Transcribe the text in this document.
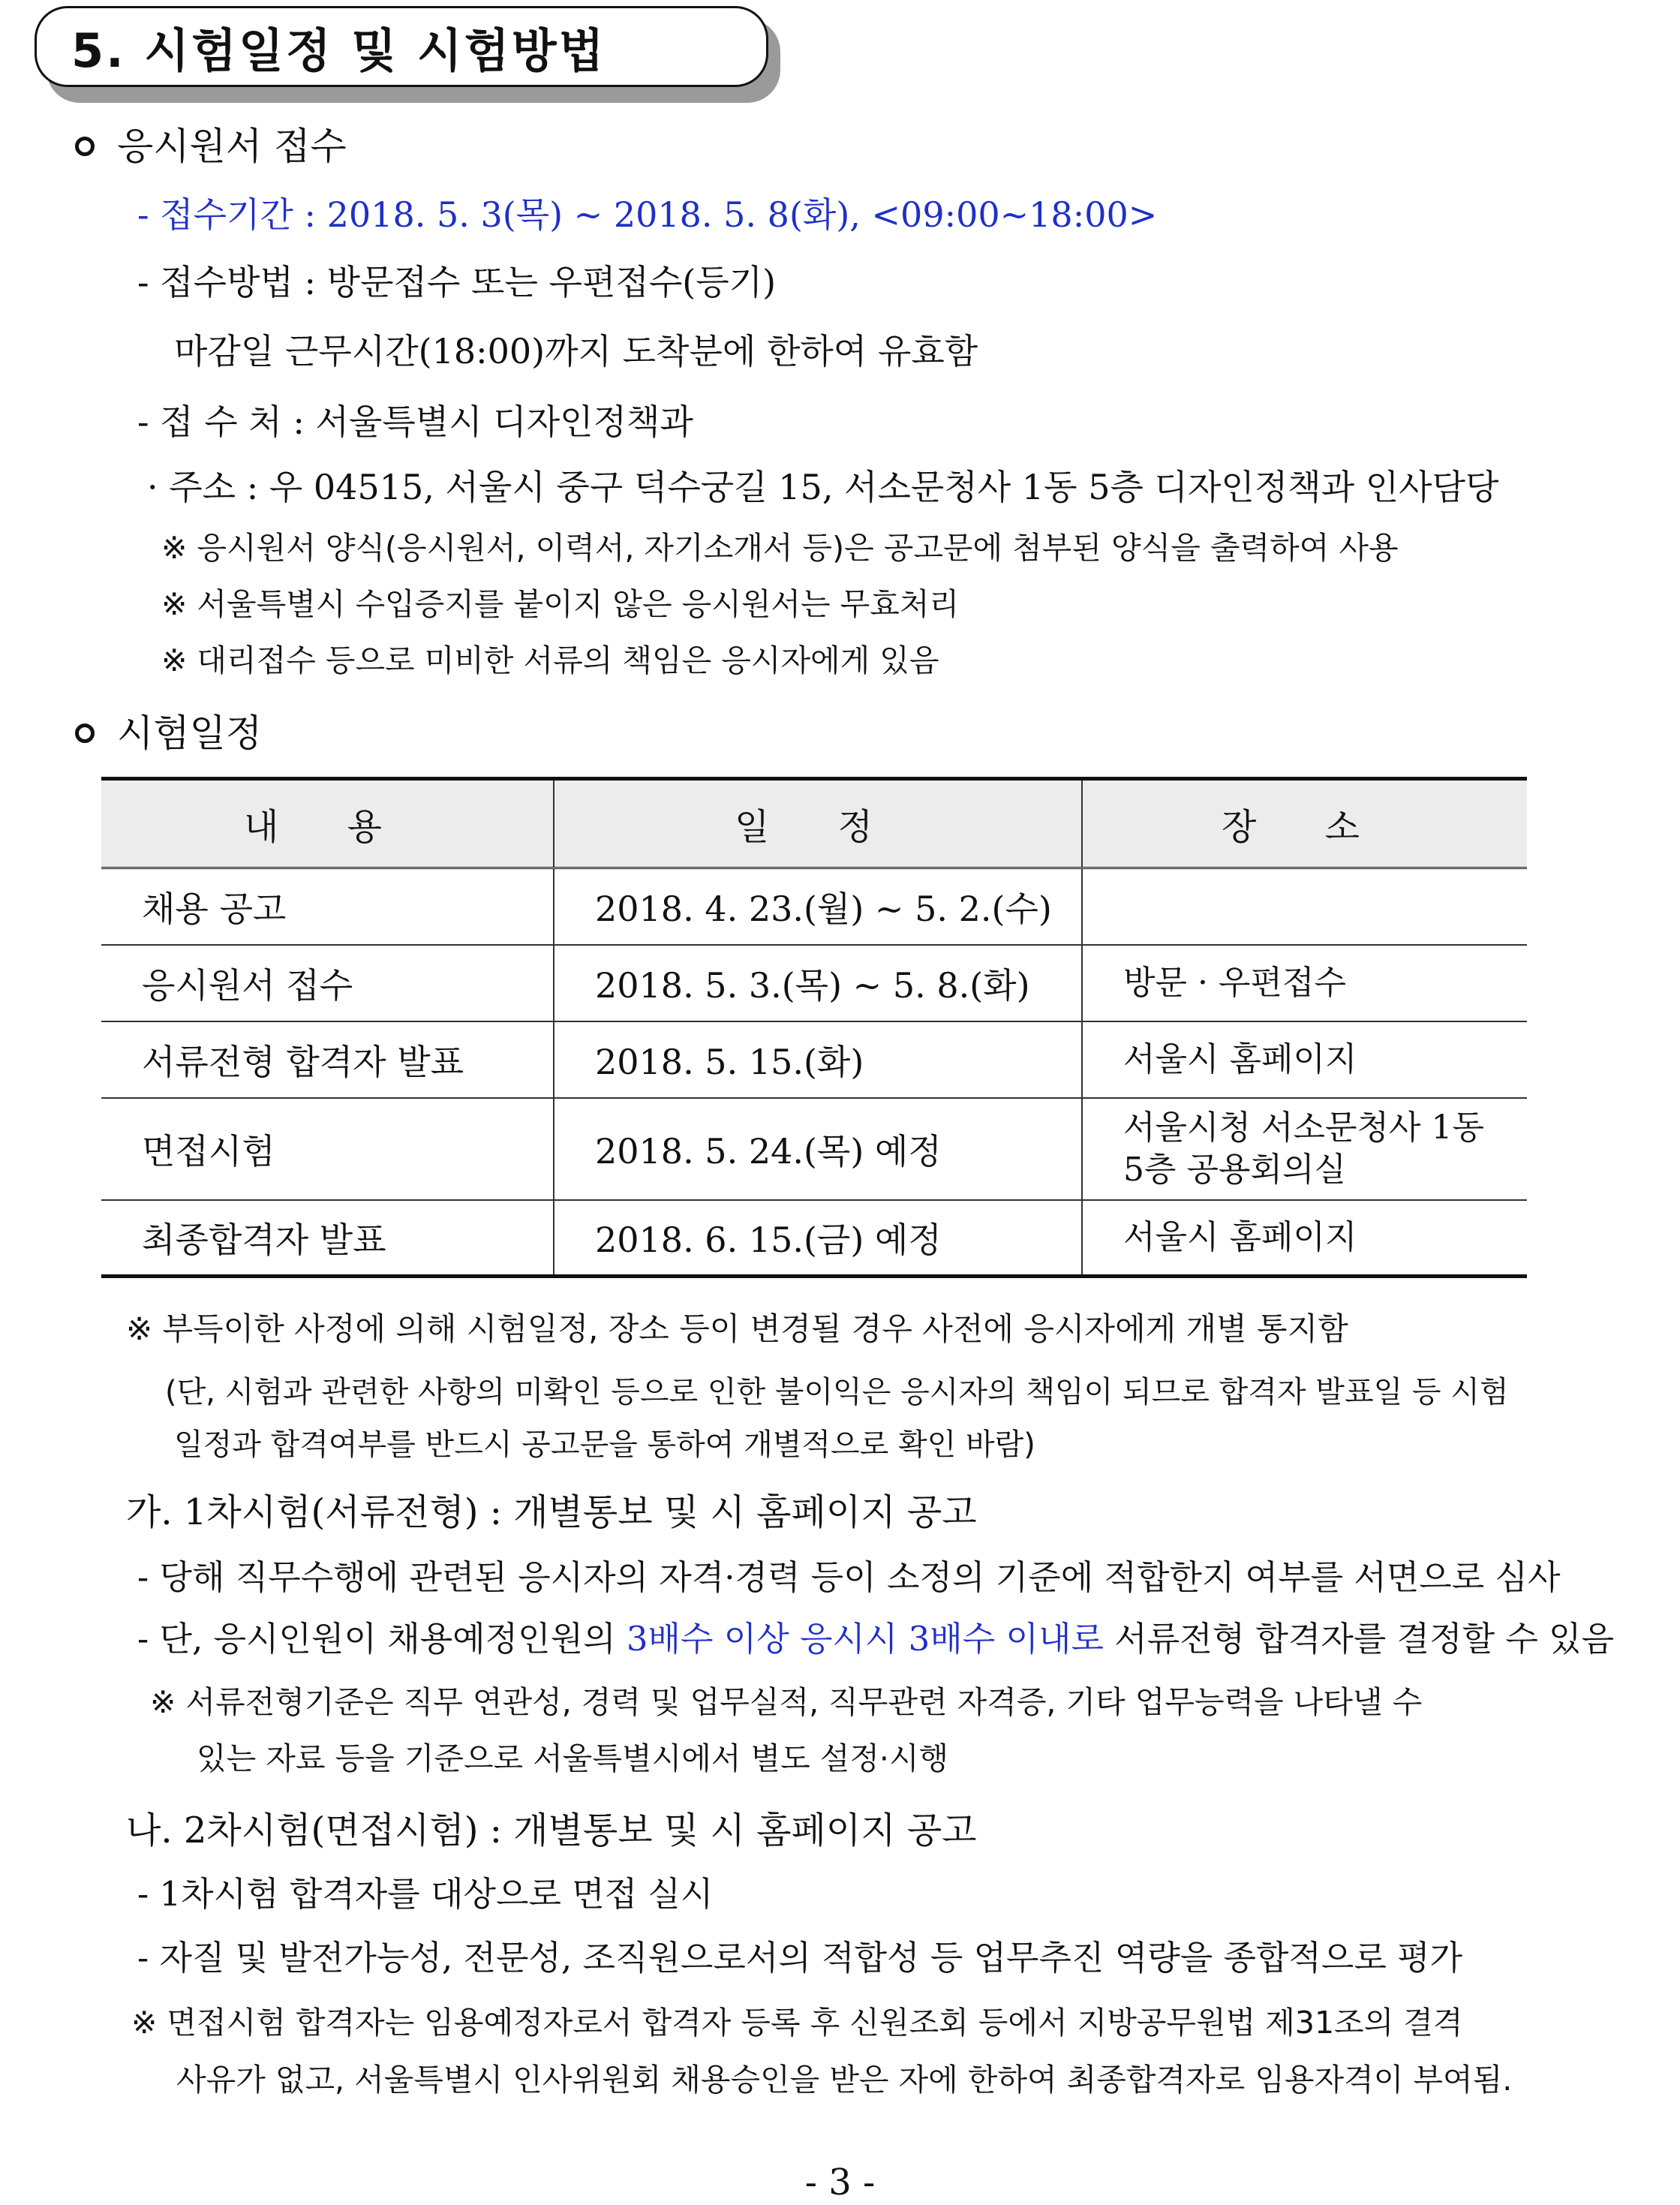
5. 시험일정 및 시험방법
응시원서 접수
- 접수기간 : 2018. 5. 3(목) ~ 2018. 5. 8(화), <09:00~18:00>
- 접수방법 : 방문접수 또는 우편접수(등기)
마감일 근무시간(18:00)까지 도착분에 한하여 유효함
- 접 수 처 : 서울특별시 디자인정책과
· 주소 : 우 04515, 서울시 중구 덕수궁길 15, 서소문청사 1동 5층 디자인정책과 인사담당
※ 응시원서 양식(응시원서, 이력서, 자기소개서 등)은 공고문에 첨부된 양식을 출력하여 사용
※ 서울특별시 수입증지를 붙이지 않은 응시원서는 무효처리
※ 대리접수 등으로 미비한 서류의 책임은 응시자에게 있음
시험일정
내 용	일 정	장 소
채용 공고	2018. 4. 23.(월) ~ 5. 2.(수)	
응시원서 접수	2018. 5. 3.(목) ~ 5. 8.(화)	방문 · 우편접수
서류전형 합격자 발표	2018. 5. 15.(화)	서울시 홈페이지
면접시험	2018. 5. 24.(목) 예정	서울시청 서소문청사 1동
5층 공용회의실

최종합격자 발표	2018. 6. 15.(금) 예정	서울시 홈페이지
※ 부득이한 사정에 의해 시험일정, 장소 등이 변경될 경우 사전에 응시자에게 개별 통지함
(단, 시험과 관련한 사항의 미확인 등으로 인한 불이익은 응시자의 책임이 되므로 합격자 발표일 등 시험
일정과 합격여부를 반드시 공고문을 통하여 개별적으로 확인 바람)
가. 1차시험(서류전형) : 개별통보 및 시 홈페이지 공고
- 당해 직무수행에 관련된 응시자의 자격·경력 등이 소정의 기준에 적합한지 여부를 서면으로 심사
- 단, 응시인원이 채용예정인원의 3배수 이상 응시시 3배수 이내로 서류전형 합격자를 결정할 수 있음
※ 서류전형기준은 직무 연관성, 경력 및 업무실적, 직무관련 자격증, 기타 업무능력을 나타낼 수
있는 자료 등을 기준으로 서울특별시에서 별도 설정·시행
나. 2차시험(면접시험) : 개별통보 및 시 홈페이지 공고
- 1차시험 합격자를 대상으로 면접 실시
- 자질 및 발전가능성, 전문성, 조직원으로서의 적합성 등 업무추진 역량을 종합적으로 평가
※ 면접시험 합격자는 임용예정자로서 합격자 등록 후 신원조회 등에서 지방공무원법 제31조의 결격
사유가 없고, 서울특별시 인사위원회 채용승인을 받은 자에 한하여 최종합격자로 임용자격이 부여됨.
- 3 -
